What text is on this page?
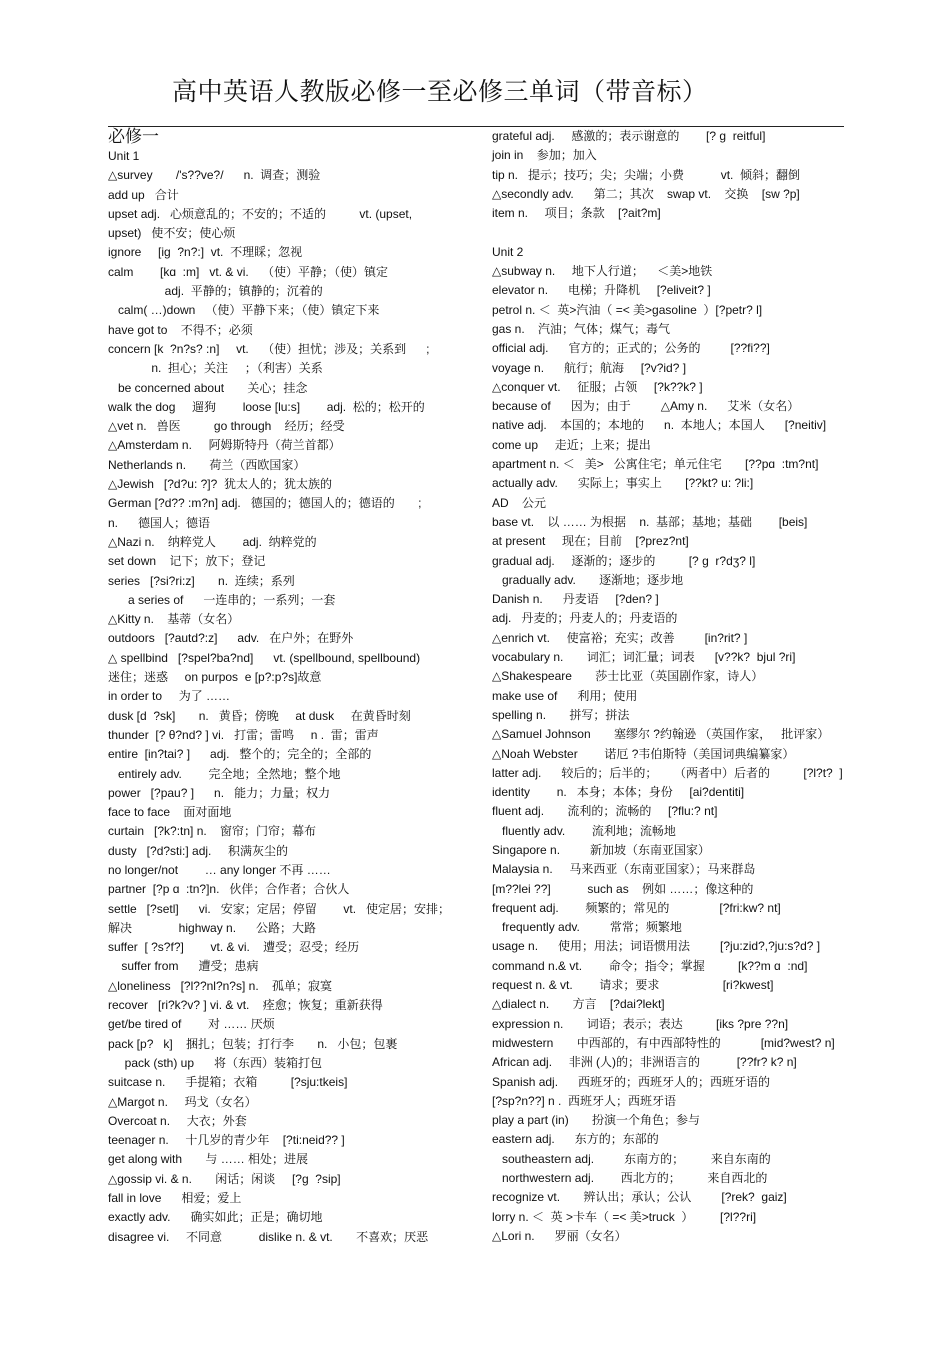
高中英语人教版必修一至必修三单词（带音标）
必修一
Unit 1
△survey       /'s??ve?/      n.  调查；测验
add up   合计
upset adj.   心烦意乱的；不安的；不适的          vt. (upset,
upset)   使不安；使心烦
ignore     [iɡ  ?n?:]  vt.  不理睬；忽视
calm        [kɑ  :m]   vt. & vi.    （使）平静；（使）镇定
adj.  平静的；镇静的；沉着的
calm( …)down   （使）平静下来；（使）镇定下来
have got to    不得不；必须
concern [k  ?n?s? :n]     vt.    （使）担忧；涉及；关系到      ;
n.  担心；关注     ；（利害）关系
be concerned about       关心；挂念
walk the dog     遛狗        loose [lu:s]        adj.  松的；松开的
△vet n.   兽医          go through    经历；经受
△Amsterdam n.     阿姆斯特丹（荷兰首都）
Netherlands n.       荷兰（西欧国家）
△Jewish   [?d?u: ?]?  犹太人的；犹太族的
German [?d?? :m?n] adj.   德国的；德国人的；德语的       ;
n.      德国人；德语
△Nazi n.    纳粹党人        adj.  纳粹党的
set down    记下；放下；登记
series   [?si?ri:z]       n.  连续；系列
a series of      一连串的；一系列；一套
△Kitty n.    基蒂（女名）
outdoors   [?autd?:z]      adv.   在户外；在野外
△ spellbind   [?spel?ba?nd]      vt. (spellbound, spellbound)
迷住；迷惑     on purpos  e [p?:p?s]故意
in order to     为了 ……
dusk [d  ?sk]       n.   黄昏；傍晚     at dusk     在黄昏时刻
thunder  [? θ?nd? ] vi.   打雷；雷鸣     n .  雷；雷声
entire  [in?tai? ]      adj.   整个的；完全的；全部的
entirely adv.        完全地；全然地；整个地
power   [?pau? ]      n.   能力；力量；权力
face to face    面对面地
curtain   [?k?:tn] n.    窗帘；门帘；幕布
dusty   [?d?sti:] adj.     积满灰尘的
no longer/not        … any longer 不再 ……
partner  [?p ɑ  :tn?]n.   伙伴；合作者；合伙人
settle   [?setl]      vi.   安家；定居；停留        vt.   使定居；安排；
解决              highway n.      公路；大路
suffer  [ ?s?f?]        vt. & vi.    遭受；忍受；经历
suffer from      遭受；患病
△loneliness   [?l??nl?n?s] n.    孤单；寂寞
recover   [ri?k?v? ] vi. & vt.    痊愈；恢复；重新获得
get/be tired of        对 …… 厌烦
pack [p?   k]    捆扎；包装；打行李       n.   小包；包裹
pack (sth) up      将（东西）装箱打包
suitcase n.      手提箱；衣箱          [?sju:tkeis]
△Margot n.     玛戈（女名）
Overcoat n.     大衣；外套
teenager n.     十几岁的青少年    [?ti:neid?? ]
get along with       与 …… 相处；进展
△gossip vi. & n.       闲话；闲谈     [?ɡ  ?sip]
fall in love      相爱；爱上
exactly adv.      确实如此；正是；确切地
disagree vi.     不同意           dislike n. & vt.       不喜欢；厌恶
grateful adj.     感激的；表示谢意的        [? ɡ  reitful]
join in    参加；加入
tip n.   提示；技巧；尖；尖端；小费           vt.  倾斜；翻倒
△secondly adv.      第二；其次    swap vt.    交换    [sw ?p]
item n.     项目；条款    [?ait?m]
Unit 2
△subway n.     地下人行道；    ＜美>地铁
elevator n.      电梯；升降机     [?eliveit? ]
petrol n. ＜  英>汽油（ =< 美>gasoline  ）[?petr? l]
gas n.    汽油；气体；煤气；毒气
official adj.      官方的；正式的；公务的         [??fi??]
voyage n.      航行；航海     [?v?id? ]
△conquer vt.     征服；占领     [?k??k? ]
because of      因为；由于         △Amy n.      艾米（女名）
native adj.    本国的；本地的      n.  本地人；本国人      [?neitiv]
come up     走近；上来；提出
apartment n. ＜   美>   公寓住宅；单元住宅       [??pɑ  :tm?nt]
actually adv.      实际上；事实上       [??kt? u: ?li:]
AD    公元
base vt.    以 …… 为根据    n.  基部；基地；基础        [beis]
at present     现在；目前    [?prez?nt]
gradual adj.     逐渐的；逐步的          [? ɡ  r?dʒ? l]
gradually adv.       逐渐地；逐步地
Danish n.      丹麦语     [?den? ]
adj.   丹麦的；丹麦人的；丹麦语的
△enrich vt.     使富裕；充实；改善         [in?rit? ]
vocabulary n.       词汇；词汇量；词表      [v??k?  bjul ?ri]
△Shakespeare       莎士比亚（英国剧作家，诗人）
make use of      利用；使用
spelling n.       拼写；拼法
△Samuel Johnson       塞缪尔 ?约翰逊 （英国作家，   批评家）
△Noah Webster        诺厄 ?韦伯斯特（美国词典编纂家）
latter adj.      较后的；后半的；     （两者中）后者的          [?l?t?  ]
identity        n.   本身；本体；身份     [ai?dentiti]
fluent adj.       流利的；流畅的     [?flu:? nt]
fluently adv.        流利地；流畅地
Singapore n.         新加坡（东南亚国家）
Malaysia n.     马来西亚（东南亚国家）；马来群岛
[m??lei ??]           such as    例如 ……；像这种的
frequent adj.        频繁的；常见的               [?fri:kw? nt]
frequently adv.         常常；频繁地
usage n.      使用；用法；词语惯用法         [?ju:zid?,?ju:s?d? ]
command n.& vt.        命令；指令；掌握          [k??m ɑ  :nd]
request n. & vt.        请求；要求                   [ri?kwest]
△dialect n.       方言    [?dai?lekt]
expression n.       词语；表示；表达          [iks ?pre ??n]
midwestern       中西部的，有中西部特性的            [mid?west? n]
African adj.     非洲 (人)的；非洲语言的           [??fr? k? n]
Spanish adj.      西班牙的；西班牙人的；西班牙语的
[?sp?n??] n .  西班牙人；西班牙语
play a part (in)       扮演一个角色；参与
eastern adj.      东方的；东部的
southeastern adj.         东南方的；        来自东南的
northwestern adj.        西北方的；        来自西北的
recognize vt.       辨认出；承认；公认         [?rek?  gaiz]
lorry n. ＜  英 >卡车（ =< 美>truck  ）        [?l??ri]
△Lori n.      罗丽（女名）
